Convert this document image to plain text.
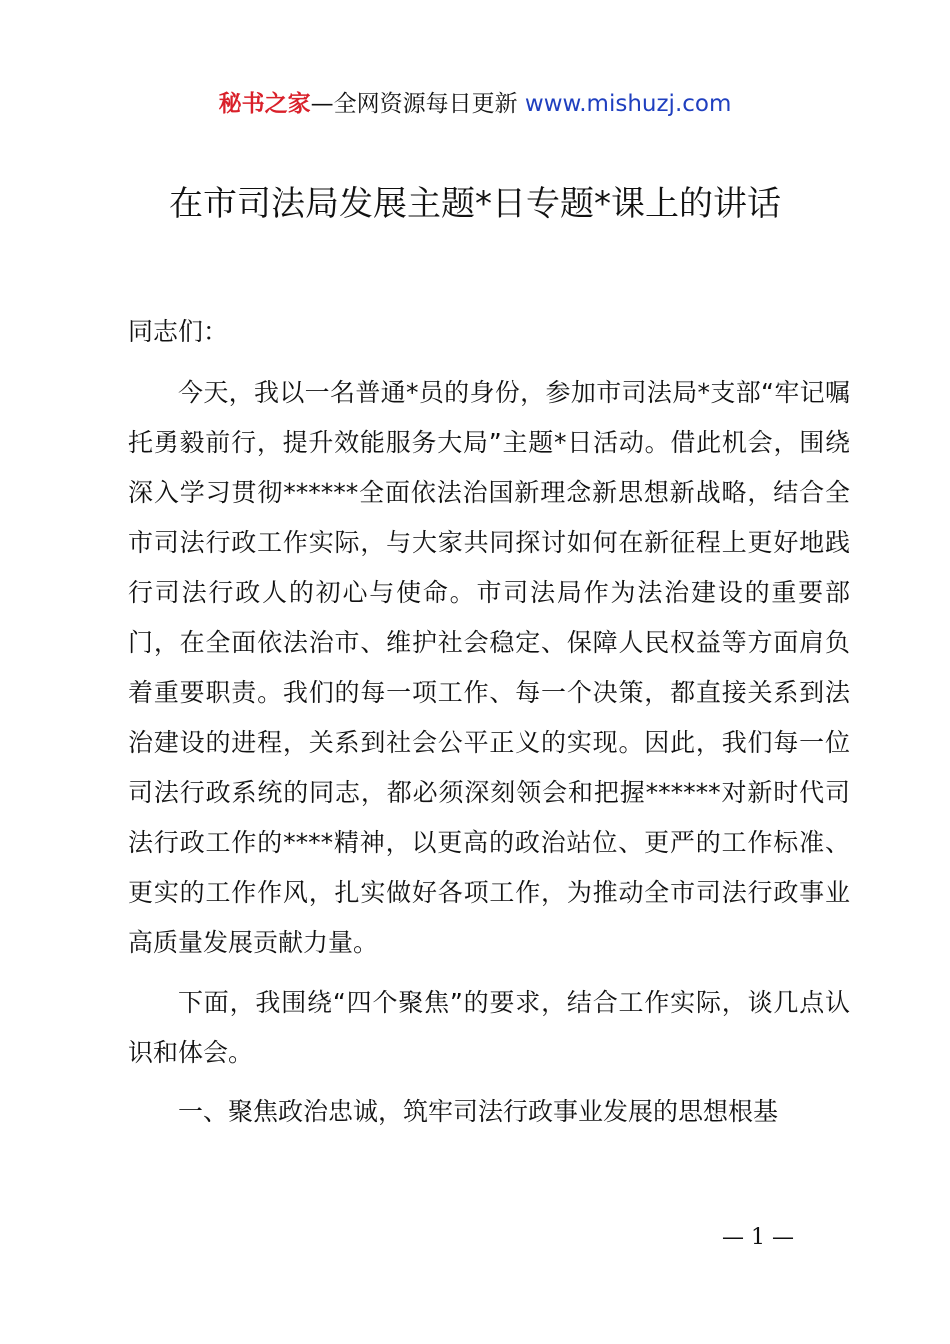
秘书之家—全网资源每日更新 www.mishuzj.com
在市司法局发展主题*日专题*课上的讲话
同志们：

今天，我以一名普通*员的身份，参加市司法局*支部“牢记嘱托勇毅前行，提升效能服务大局”主题*日活动。借此机会，围绕深入学习贯彻******全面依法治国新理念新思想新战略，结合全市司法行政工作实际，与大家共同探讨如何在新征程上更好地践行司法行政人的初心与使命。市司法局作为法治建设的重要部门，在全面依法治市、维护社会稳定、保障人民权益等方面肩负着重要职责。我们的每一项工作、每一个决策，都直接关系到法治建设的进程，关系到社会公平正义的实现。因此，我们每一位司法行政系统的同志，都必须深刻领会和把握******对新时代司法行政工作的****精神，以更高的政治站位、更严的工作标准、更实的工作作风，扎实做好各项工作，为推动全市司法行政事业高质量发展贡献力量。

下面，我围绕“四个聚焦”的要求，结合工作实际，谈几点认识和体会。

一、聚焦政治忠诚，筑牢司法行政事业发展的思想根基
— 1 —
